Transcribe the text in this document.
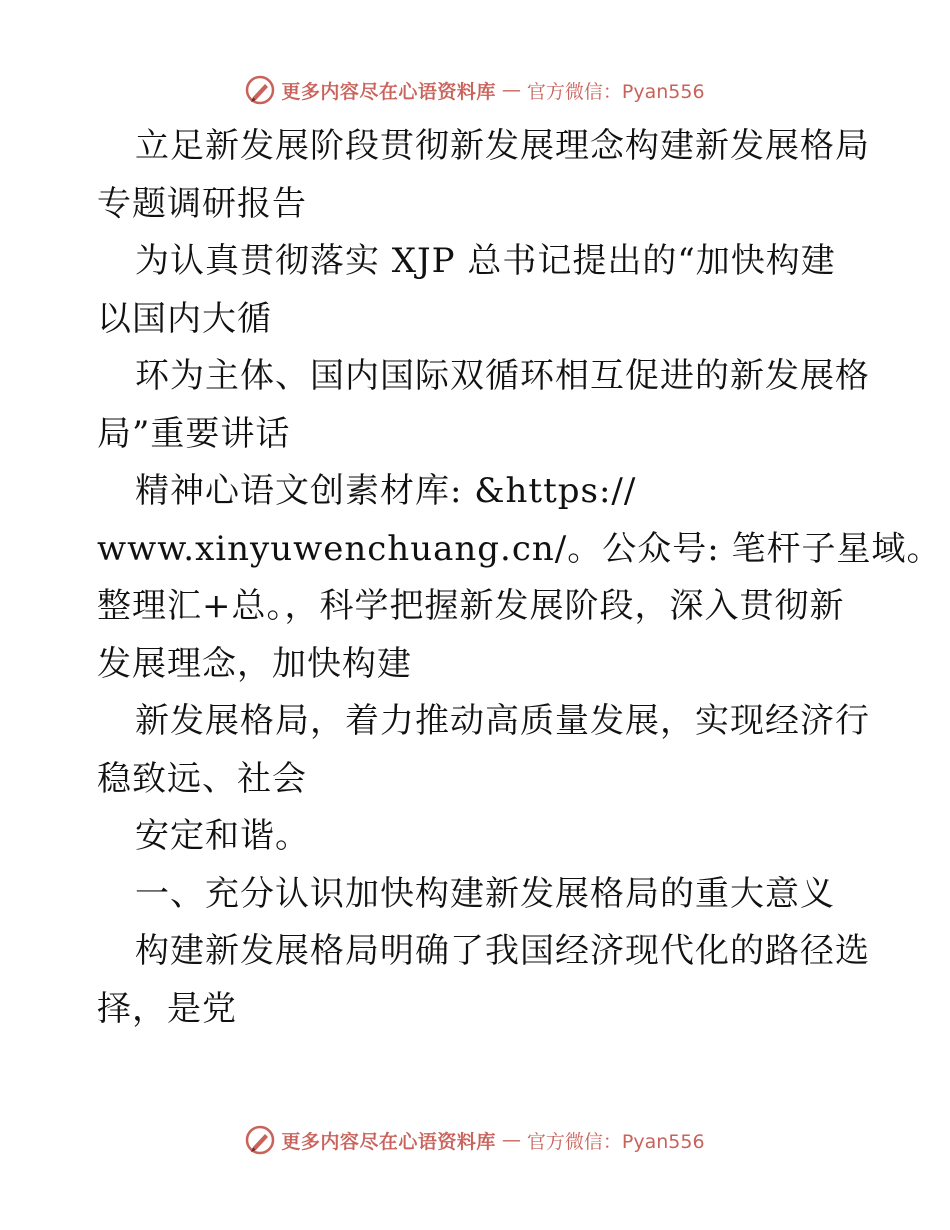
更多内容尽在心语资料库 — 官方微信：Pyan556
立足新发展阶段贯彻新发展理念构建新发展格局
专题调研报告
为认真贯彻落实 XJP 总书记提出的“加快构建
以国内大循
环为主体、国内国际双循环相互促进的新发展格
局”重要讲话
精神心语文创素材库: &https://
www.xinyuwenchuang.cn/。公众号: 笔杆子星域。
整理汇+总。，科学把握新发展阶段，深入贯彻新
发展理念，加快构建
新发展格局，着力推动高质量发展，实现经济行
稳致远、社会
安定和谐。
一、充分认识加快构建新发展格局的重大意义
构建新发展格局明确了我国经济现代化的路径选
择，是党
更多内容尽在心语资料库 — 官方微信：Pyan556
